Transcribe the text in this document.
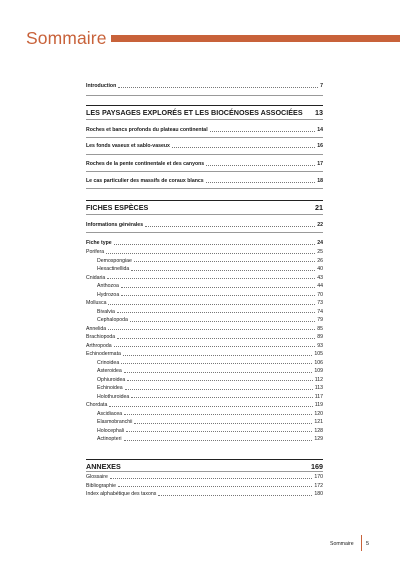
Sommaire
Introduction	7
LES PAYSAGES EXPLORÉS ET LES BIOCÉNOSES ASSOCIÉES 13
Roches et bancs profonds du plateau continental	14
Les fonds vaseux et sablo-vaseux	16
Roches de la pente continentale et des canyons	17
Le cas particulier des massifs de coraux blancs	18
FICHES ESPÈCES	21
Informations générales	22
Fiche type	24
Porifera	25
Demospongiae	26
Hexactinellida	40
Cnidaria	43
Anthozoa	44
Hydrozoa	70
Mollusca	73
Bivalvia	74
Cephalopoda	79
Annelida	85
Brachiopoda	89
Arthropoda	93
Echinodermata	105
Crinoidea	106
Asteroidea	109
Ophiuroidea	112
Echinoidea	113
Holothuroidea	117
Chordata	119
Ascidiacea	120
Elasmobranchii	121
Holocephali	128
Actinopteri	129
ANNEXES	169
Glossaire	170
Bibliographie	172
Index alphabétique des taxons	180
Sommaire 5
